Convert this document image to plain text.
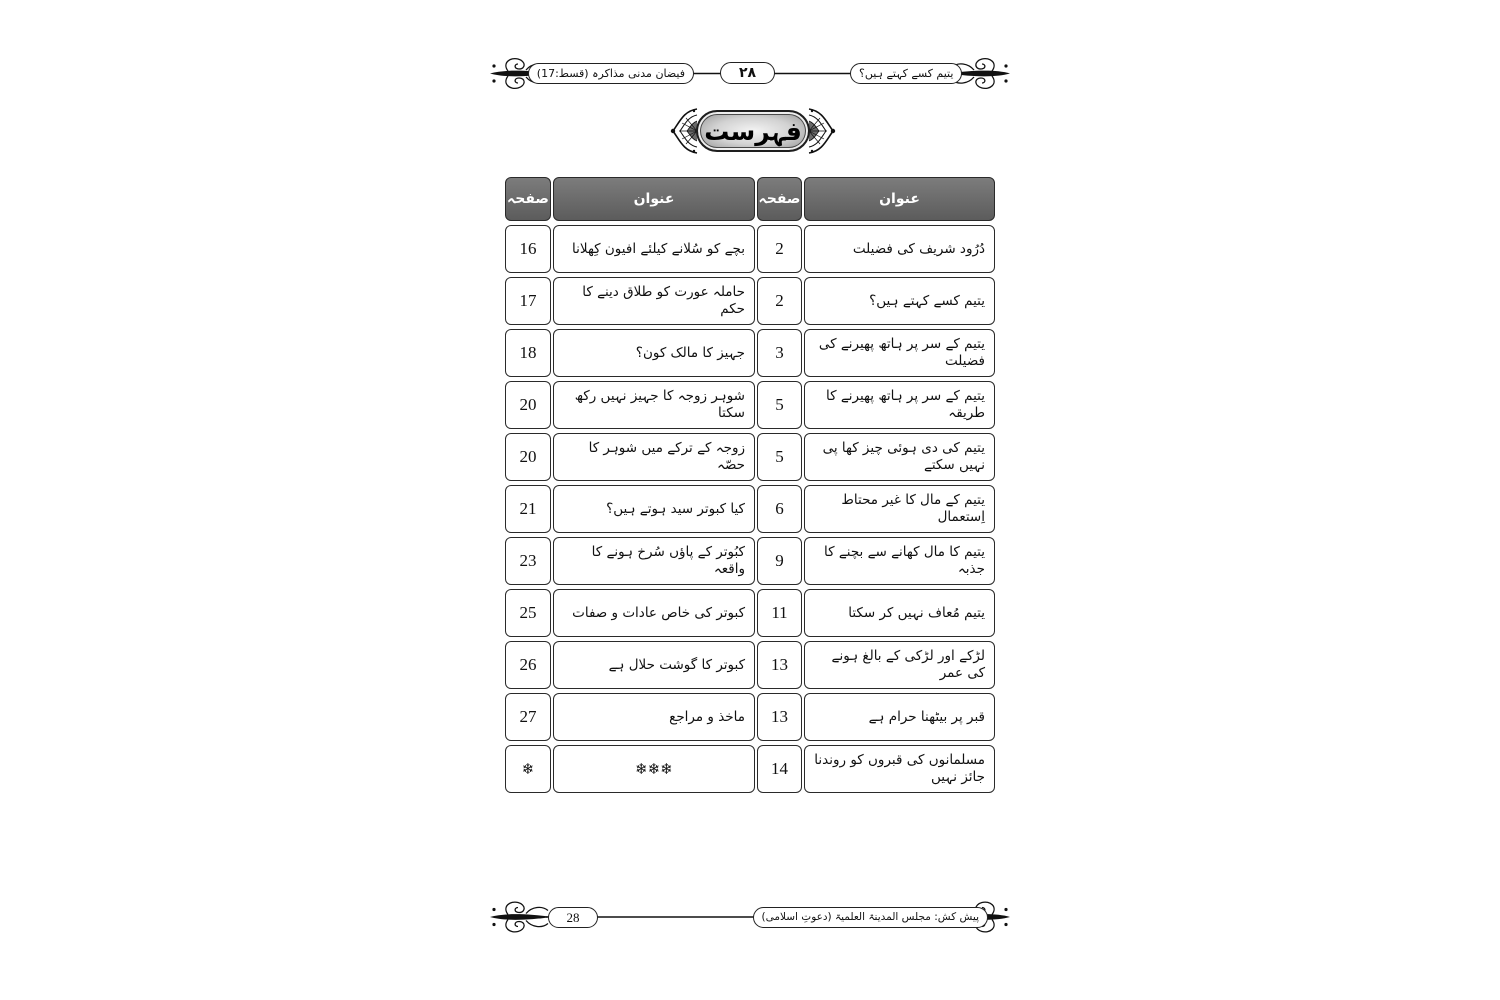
فیضان مدنی مذاکرہ (قسط:17)	۲۸	یتیم کسے کہتے ہیں؟
فہرست
صفحہ	عنوان	صفحہ	عنوان
16	بچے کو سُلانے کیلئے افیون کِھلانا	2	دُرُود شریف کی فضیلت
17	حاملہ عورت کو طلاق دینے کا حکم	2	یتیم کسے کہتے ہیں؟
18	جہیز کا مالک کون؟	3	یتیم کے سر پر ہاتھ پھیرنے کی فضیلت
20	شوہر زوجہ کا جہیز نہیں رکھ سکتا	5	یتیم کے سر پر ہاتھ پھیرنے کا طریقہ
20	زوجہ کے ترکے میں شوہر کا حصّہ	5	یتیم کی دی ہوئی چیز کھا پی نہیں سکتے
21	کیا کبوتر سید ہوتے ہیں؟	6	یتیم کے مال کا غیر محتاط اِستعمال
23	کبُوتر کے پاؤں سُرخ ہونے کا واقعہ	9	یتیم کا مال کھانے سے بچنے کا جذبہ
25	کبوتر کی خاص عادات و صفات	11	یتیم مُعاف نہیں کر سکتا
26	کبوتر کا گوشت حلال ہے	13	لڑکے اور لڑکی کے بالغ ہونے کی عمر
27	ماخذ و مراجع	13	قبر پر بیٹھنا حرام ہے
❄	❄❄❄	14	مسلمانوں کی قبروں کو روندنا جائز نہیں
28	پیش کش: مجلس المدینۃ العلمیۃ (دعوتِ اسلامی)
